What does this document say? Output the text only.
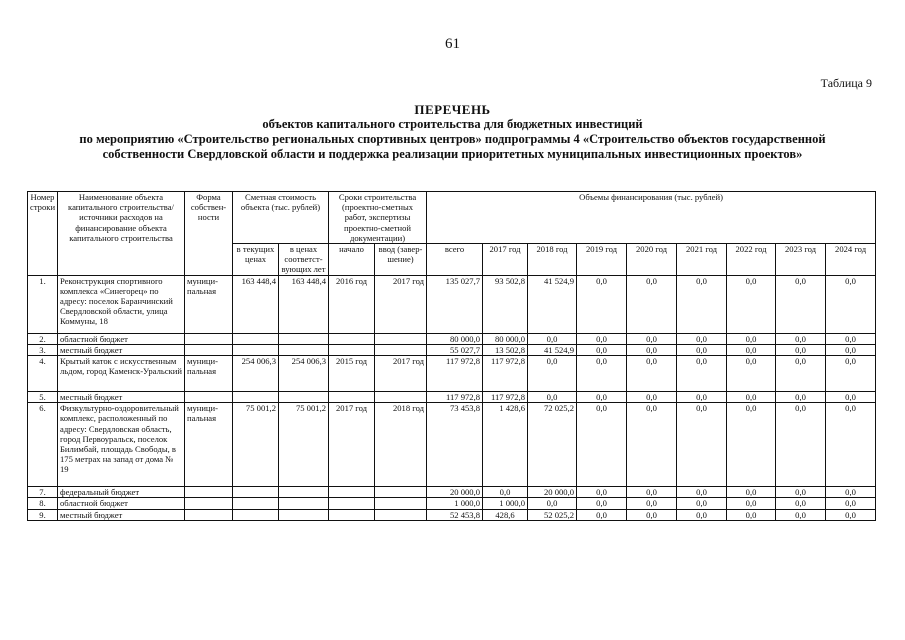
61
Таблица 9
ПЕРЕЧЕНЬ
объектов капитального строительства для бюджетных инвестиций
по мероприятию «Строительство региональных спортивных центров» подпрограммы 4 «Строительство объектов государственной
собственности Свердловской области и поддержка реализации приоритетных муниципальных инвестиционных проектов»
Номер строки	Наименование объекта капитального строительства/ источники расходов на финансирование объекта капитального строительства	Форма собствен-ности	Сметная стоимость объекта (тыс. рублей)		Сроки строительства (проектно-сметных работ, экспертизы проектно-сметной документации)		Объемы финансирования (тыс. рублей)								
			в текущих ценах	в ценах соответст-вующих лет	начало	ввод (завер-шение)	всего	2017 год	2018 год	2019 год	2020 год	2021 год	2022 год	2023 год	2024 год
1.	Реконструкция спортивного комплекса «Синегорец» по адресу: поселок Баранчинский Свердловской области, улица Коммуны, 18	муници-пальная	163 448,4	163 448,4	2016 год	2017 год	135 027,7	93 502,8	41 524,9	0,0	0,0	0,0	0,0	0,0	0,0
2.	областной бюджет						80 000,0	80 000,0	0,0	0,0	0,0	0,0	0,0	0,0	0,0
3.	местный бюджет						55 027,7	13 502,8	41 524,9	0,0	0,0	0,0	0,0	0,0	0,0
4.	Крытый каток с искусственным льдом, город Каменск-Уральский	муници-пальная	254 006,3	254 006,3	2015 год	2017 год	117 972,8	117 972,8	0,0	0,0	0,0	0,0	0,0	0,0	0,0
5.	местный бюджет						117 972,8	117 972,8	0,0	0,0	0,0	0,0	0,0	0,0	0,0
6.	Физкультурно-оздоровительный комплекс, расположенный по адресу: Свердловская область, город Первоуральск, поселок Билимбай, площадь Свободы, в 175 метрах на запад от дома № 19	муници-пальная	75 001,2	75 001,2	2017 год	2018 год	73 453,8	1 428,6	72 025,2	0,0	0,0	0,0	0,0	0,0	0,0
7.	федеральный бюджет						20 000,0	0,0	20 000,0	0,0	0,0	0,0	0,0	0,0	0,0
8.	областной бюджет						1 000,0	1 000,0	0,0	0,0	0,0	0,0	0,0	0,0	0,0
9.	местный бюджет						52 453,8	428,6	52 025,2	0,0	0,0	0,0	0,0	0,0	0,0
